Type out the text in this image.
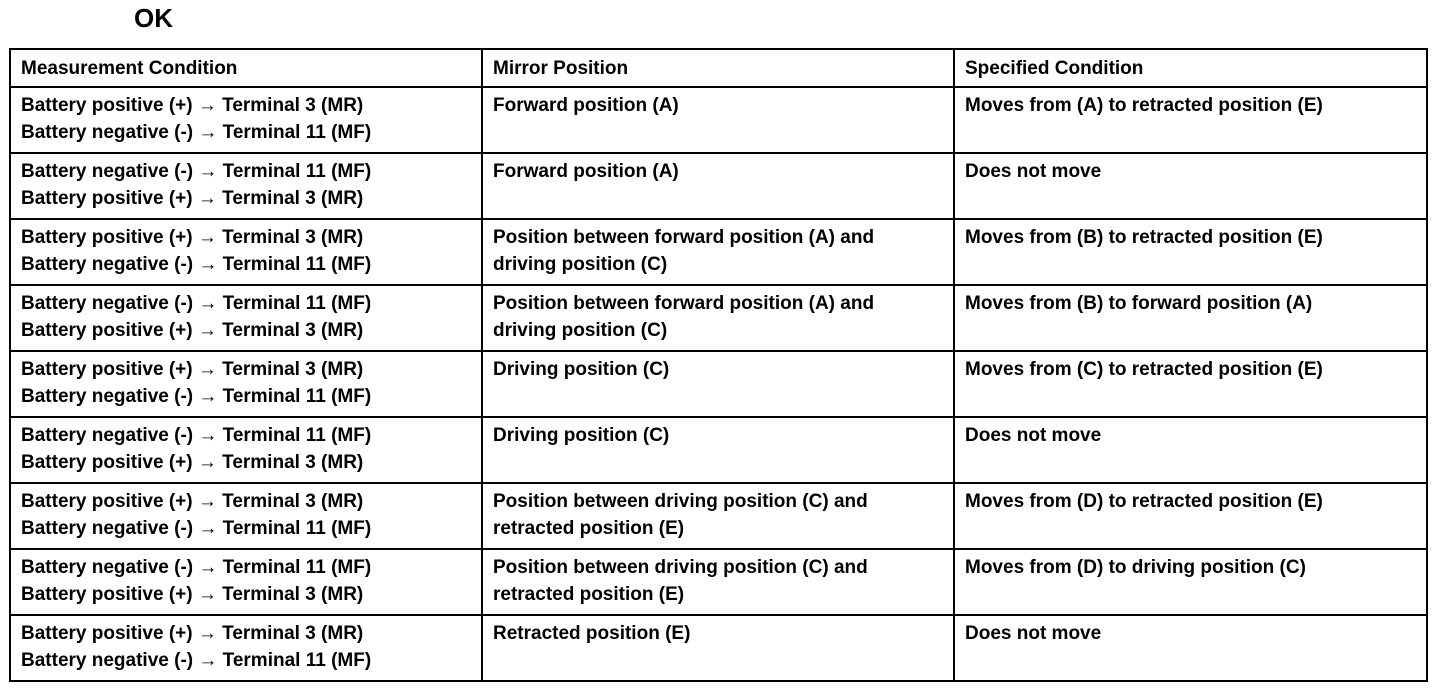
OK
Measurement Condition	Mirror Position	Specified Condition

Battery positive (+) → Terminal 3 (MR)
Battery negative (-) → Terminal 11 (MF)	Forward position (A)	Moves from (A) to retracted position (E)

Battery negative (-) → Terminal 11 (MF)
Battery positive (+) → Terminal 3 (MR)	Forward position (A)	Does not move

Battery positive (+) → Terminal 3 (MR)
Battery negative (-) → Terminal 11 (MF)	Position between forward position (A) and
driving position (C)	Moves from (B) to retracted position (E)

Battery negative (-) → Terminal 11 (MF)
Battery positive (+) → Terminal 3 (MR)	Position between forward position (A) and
driving position (C)	Moves from (B) to forward position (A)

Battery positive (+) → Terminal 3 (MR)
Battery negative (-) → Terminal 11 (MF)	Driving position (C)	Moves from (C) to retracted position (E)

Battery negative (-) → Terminal 11 (MF)
Battery positive (+) → Terminal 3 (MR)	Driving position (C)	Does not move

Battery positive (+) → Terminal 3 (MR)
Battery negative (-) → Terminal 11 (MF)	Position between driving position (C) and
retracted position (E)	Moves from (D) to retracted position (E)

Battery negative (-) → Terminal 11 (MF)
Battery positive (+) → Terminal 3 (MR)	Position between driving position (C) and
retracted position (E)	Moves from (D) to driving position (C)

Battery positive (+) → Terminal 3 (MR)
Battery negative (-) → Terminal 11 (MF)	Retracted position (E)	Does not move
